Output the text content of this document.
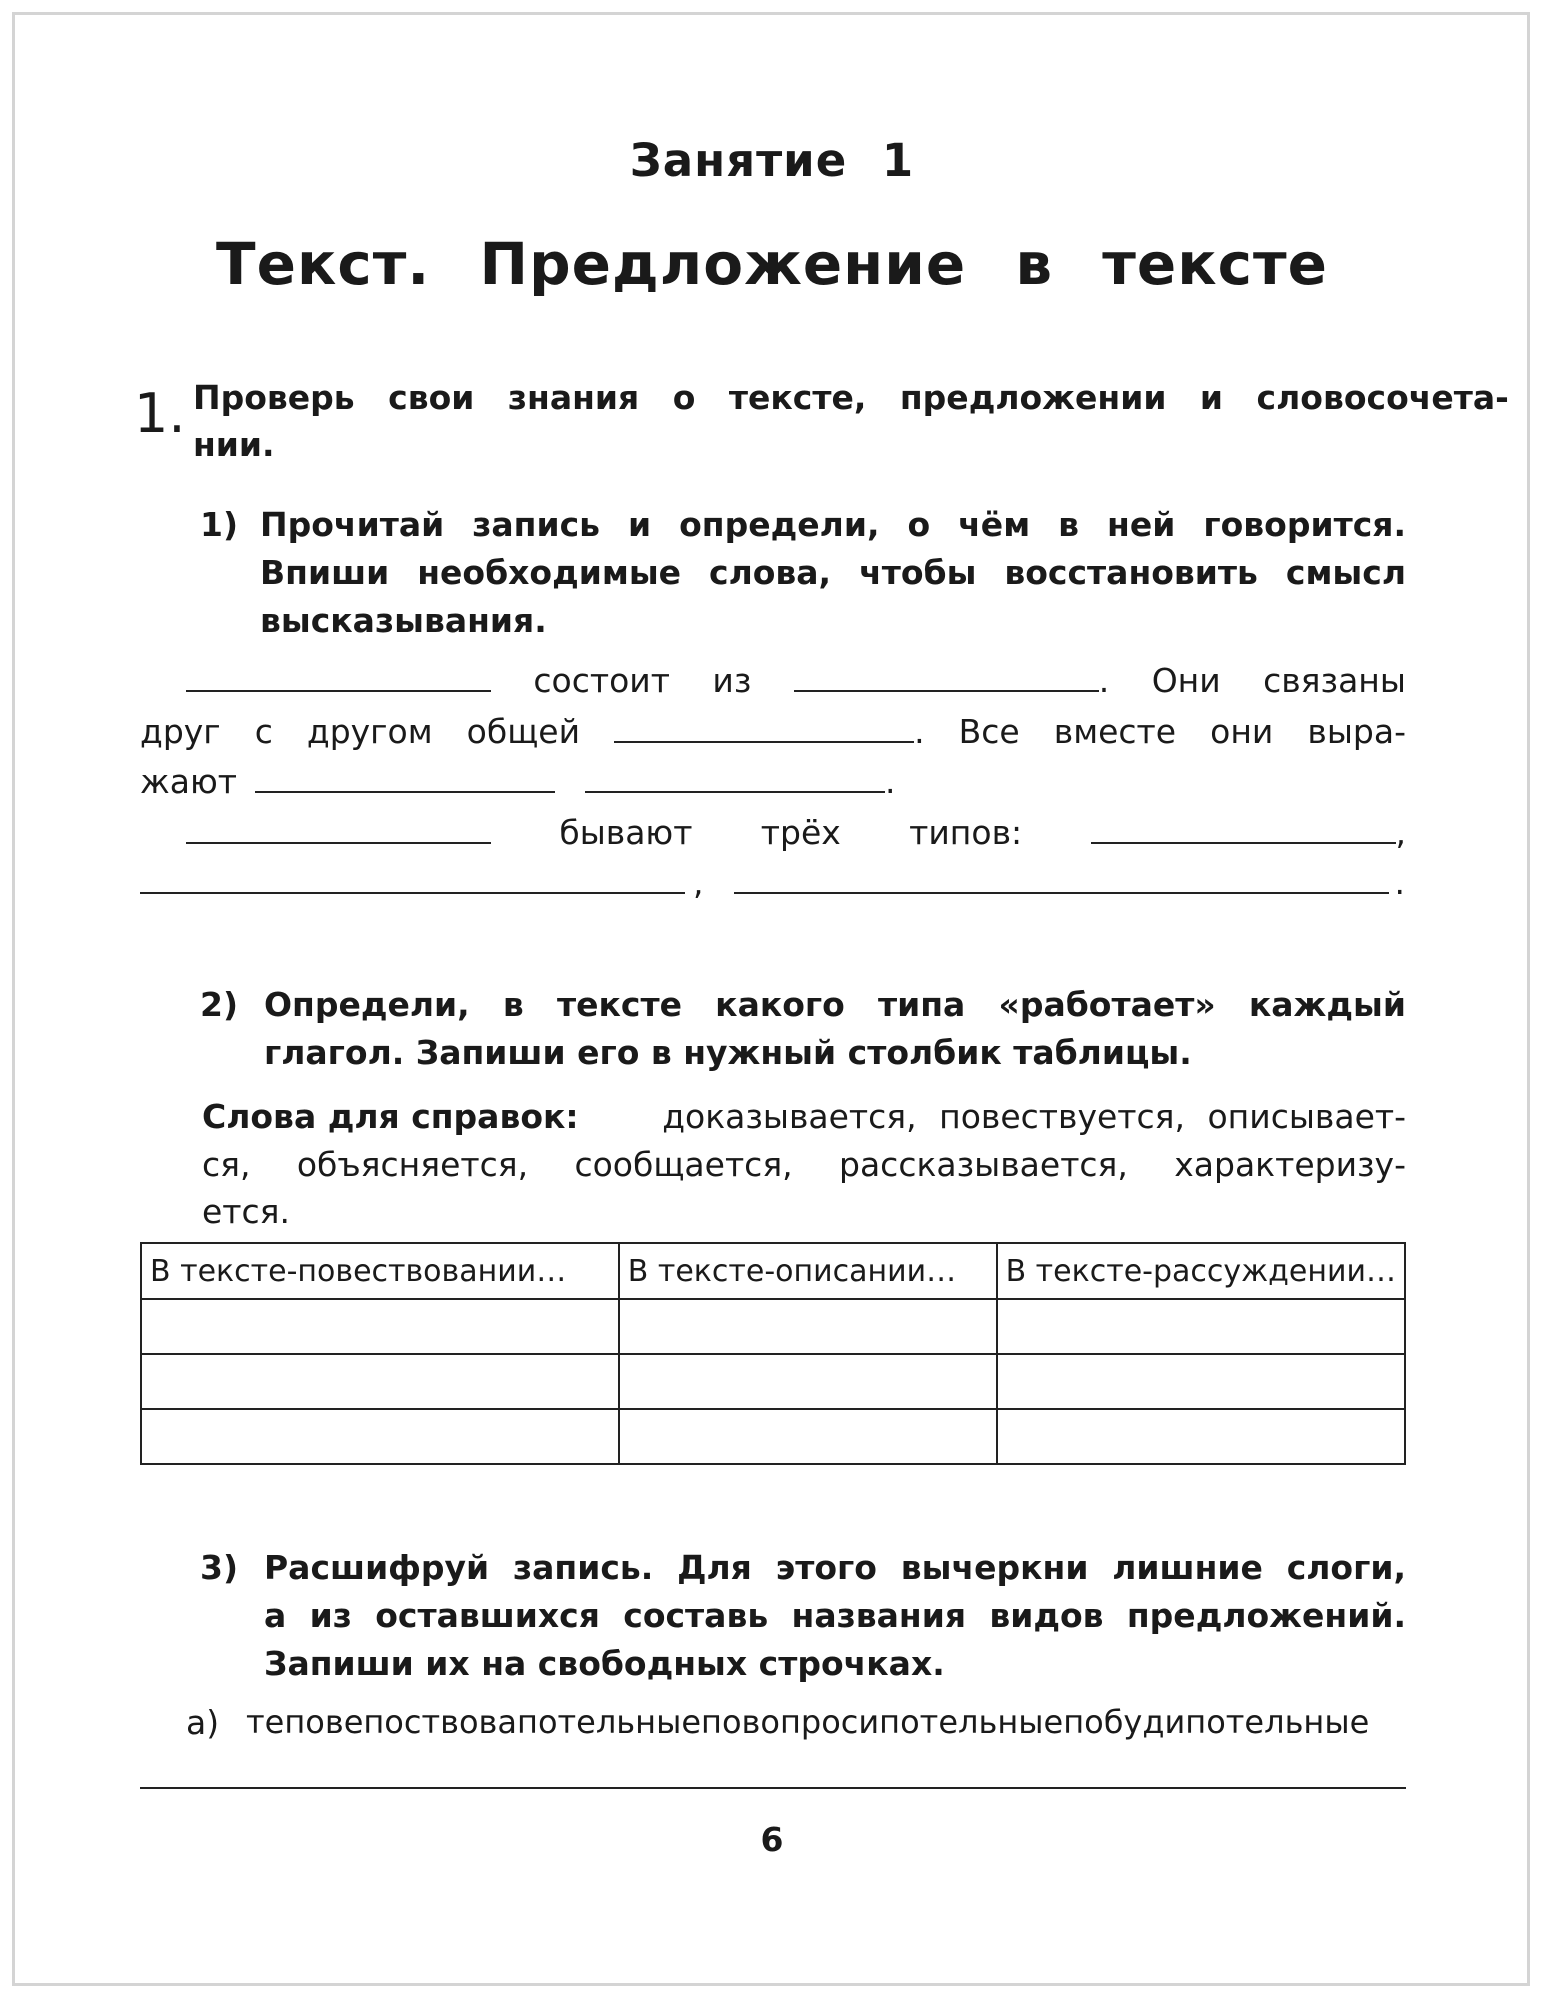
Занятие 1
Текст. Предложение в тексте
1. Проверь свои знания о тексте, предложении и словосочета-
нии.
1) Прочитай запись и определи, о чём в ней говорится.
Впиши необходимые слова, чтобы восстановить смысл
высказывания.
состоит из	. Они связаны
друг с другом общей	. Все вместе они выра-
жают	.
бывают трёх типов:	,
,	.
2) Определи, в тексте какого типа «работает» каждый
глагол. Запиши его в нужный столбик таблицы.
Слова для справок:	доказывается, повествуется, описывает-
ся, объясняется, сообщается, рассказывается, характеризу-
ется.
В тексте-повествовании…	В тексте-описании…	В тексте-рассуждении…

3) Расшифруй запись. Для этого вычеркни лишние слоги,
а из оставшихся составь названия видов предложений.
Запиши их на свободных строчках.
а) теповепоствовапотельныеповопросипотельныепобудипотельные
6
